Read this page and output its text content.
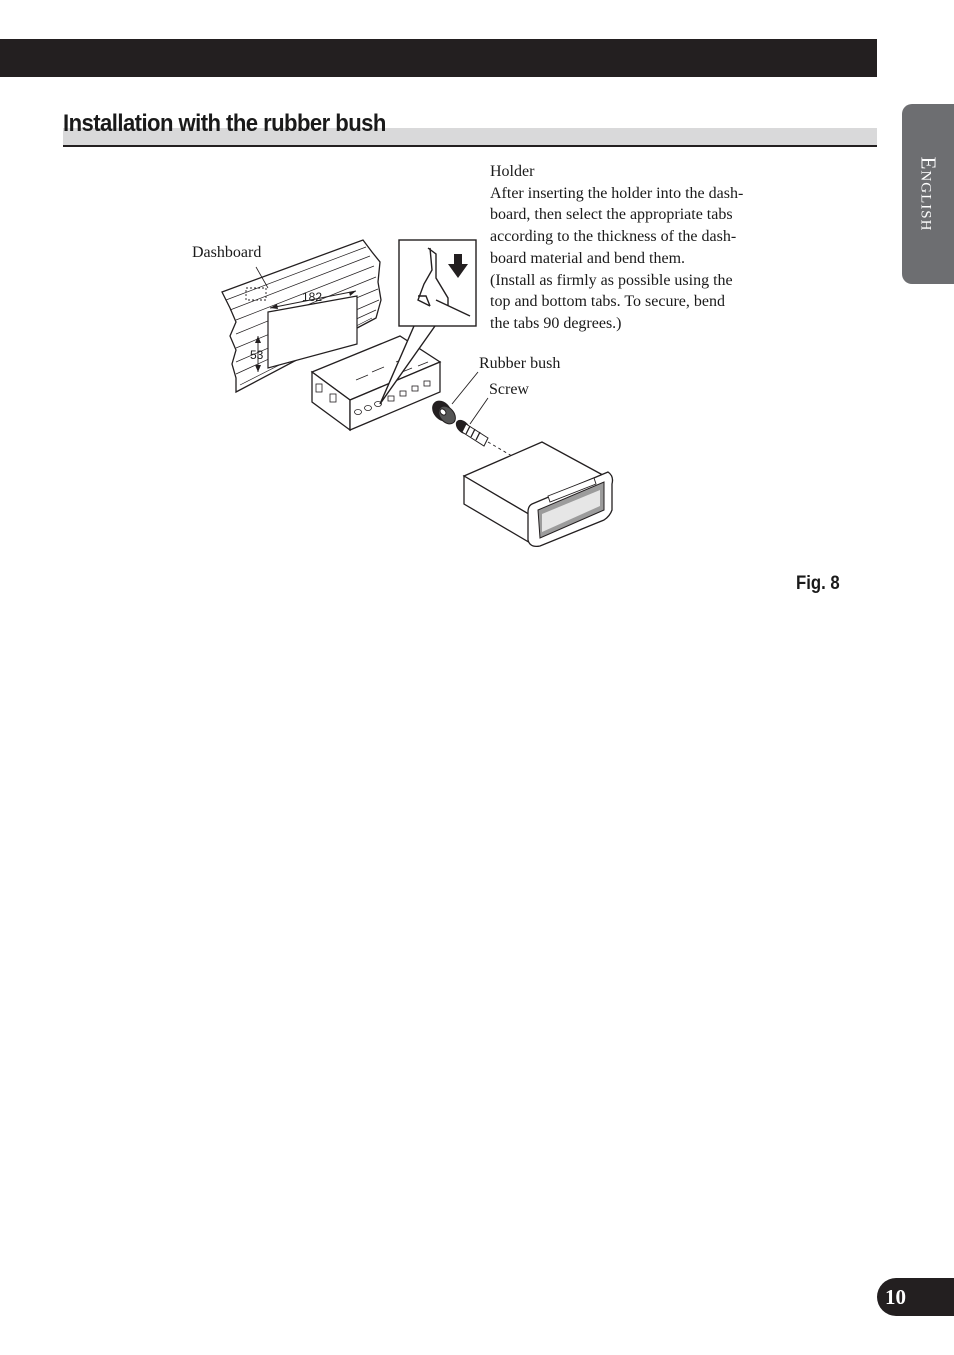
English
Installation with the rubber bush
182
53
Dashboard
Rubber bush
Screw
Holder
After inserting the holder into the dash-
board, then select the appropriate tabs
according to the thickness of the dash-
board material and bend them.
(Install as firmly as possible using the
top and bottom tabs. To secure, bend
the tabs 90 degrees.)
Fig. 8
10
